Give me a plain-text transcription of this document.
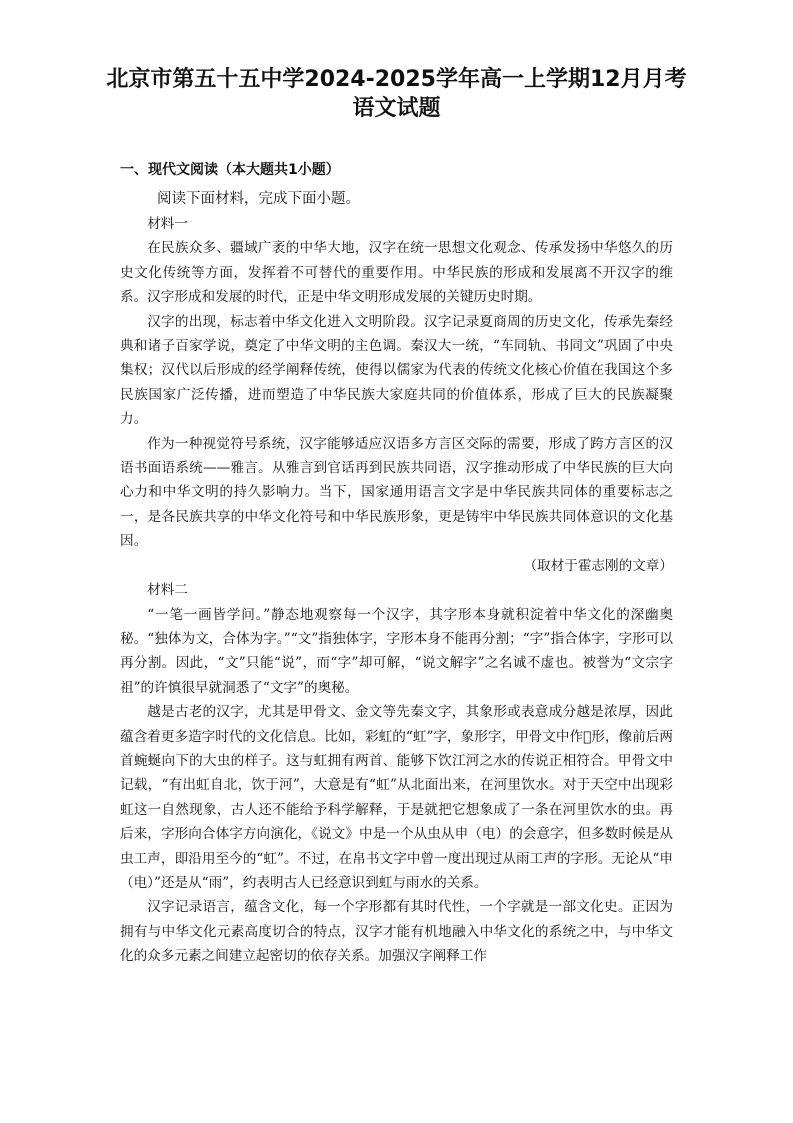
北京市第五十五中学2024-2025学年高一上学期12月月考
语文试题
一、现代文阅读（本大题共1小题）
阅读下面材料，完成下面小题。

材料一

在民族众多、疆域广袤的中华大地，汉字在统一思想文化观念、传承发扬中华悠久的历史文化传统等方面，发挥着不可替代的重要作用。中华民族的形成和发展离不开汉字的维系。汉字形成和发展的时代，正是中华文明形成发展的关键历史时期。

汉字的出现，标志着中华文化进入文明阶段。汉字记录夏商周的历史文化，传承先秦经典和诸子百家学说，奠定了中华文明的主色调。秦汉大一统，“车同轨、书同文”巩固了中央集权；汉代以后形成的经学阐释传统，使得以儒家为代表的传统文化核心价值在我国这个多民族国家广泛传播，进而塑造了中华民族大家庭共同的价值体系，形成了巨大的民族凝聚力。

作为一种视觉符号系统，汉字能够适应汉语多方言区交际的需要，形成了跨方言区的汉语书面语系统——雅言。从雅言到官话再到民族共同语，汉字推动形成了中华民族的巨大向心力和中华文明的持久影响力。当下，国家通用语言文字是中华民族共同体的重要标志之一，是各民族共享的中华文化符号和中华民族形象，更是铸牢中华民族共同体意识的文化基因。

（取材于霍志刚的文章）

材料二

“一笔一画皆学问。”静态地观察每一个汉字，其字形本身就积淀着中华文化的深幽奥秘。“独体为文，合体为字。”“文”指独体字，字形本身不能再分割；“字”指合体字，字形可以再分割。因此，“文”只能“说”，而“字”却可解，“说文解字”之名诚不虚也。被誉为“文宗字祖”的许慎很早就洞悉了“文字”的奥秘。

越是古老的汉字，尤其是甲骨文、金文等先秦文字，其象形或表意成分越是浓厚，因此蕴含着更多造字时代的文化信息。比如，彩虹的“虹”字，象形字，甲骨文中作𠄧形，像前后两首蜿蜒向下的大虫的样子。这与虹拥有两首、能够下饮江河之水的传说正相符合。甲骨文中记载，“有出虹自北，饮于河”，大意是有“虹”从北面出来，在河里饮水。对于天空中出现彩虹这一自然现象，古人还不能给予科学解释，于是就把它想象成了一条在河里饮水的虫。再后来，字形向合体字方向演化，《说文》中是一个从虫从申（电）的会意字，但多数时候是从虫工声，即沿用至今的“虹”。不过，在帛书文字中曾一度出现过从雨工声的字形。无论从“申（电）”还是从“雨”，约表明古人已经意识到虹与雨水的关系。

汉字记录语言，蕴含文化，每一个字形都有其时代性，一个字就是一部文化史。正因为拥有与中华文化元素高度切合的特点，汉字才能有机地融入中华文化的系统之中，与中华文化的众多元素之间建立起密切的依存关系。加强汉字阐释工作
